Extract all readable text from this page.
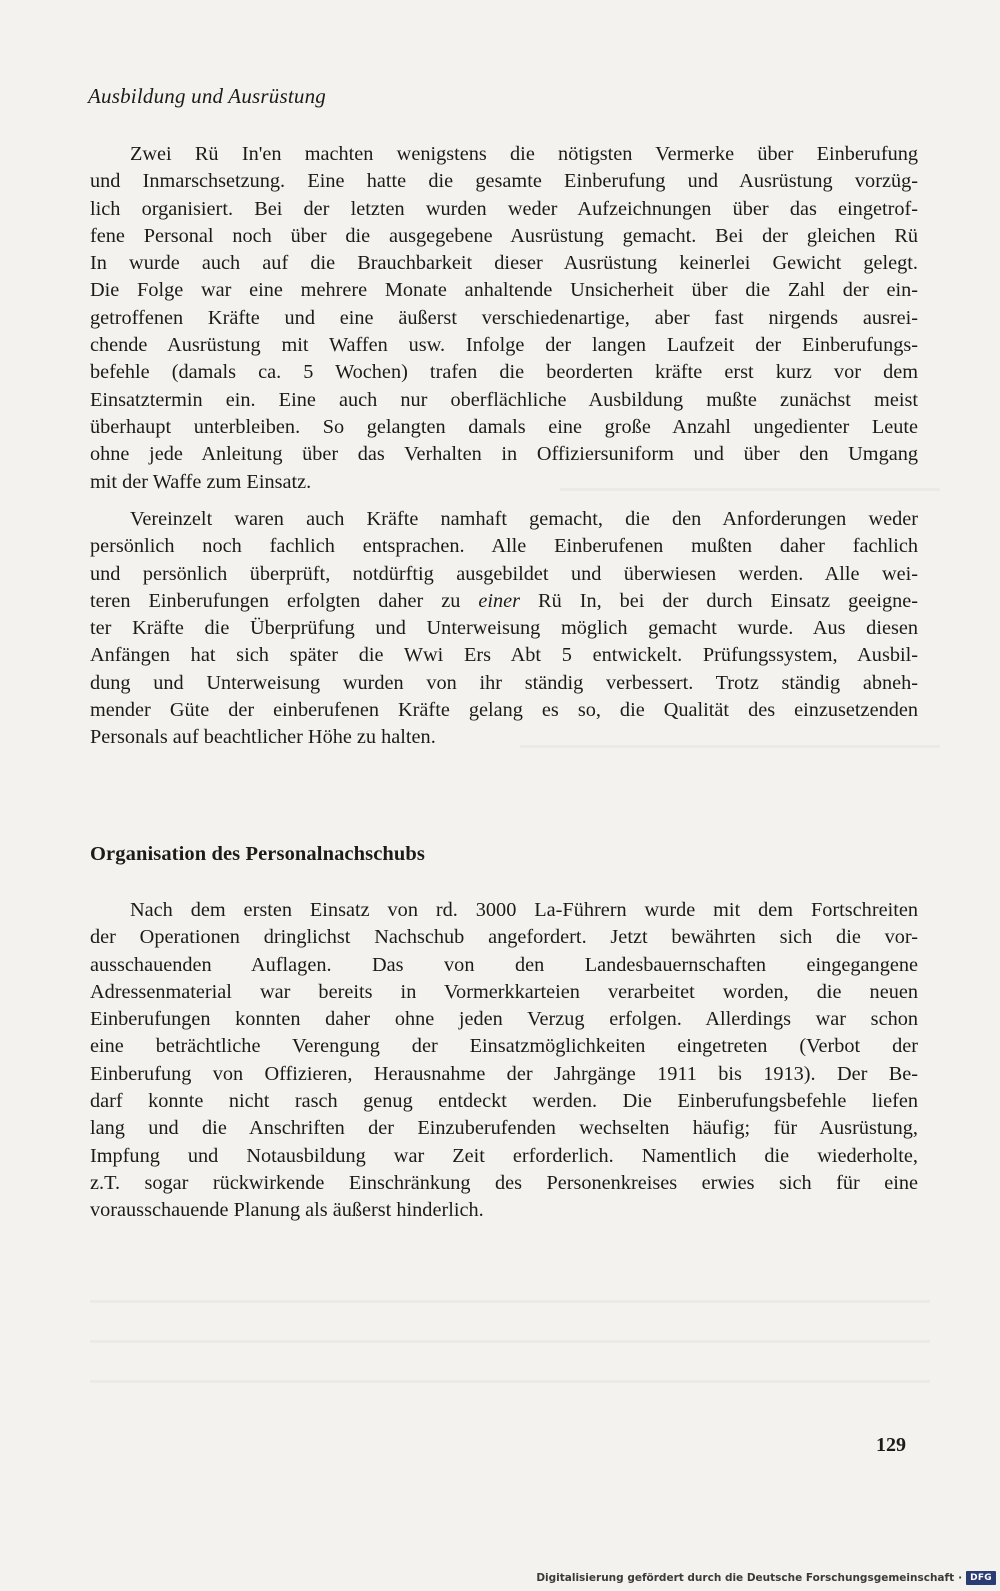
Ausbildung und Ausrüstung
Zwei Rü In'en machten wenigstens die nötigsten Vermerke über Einberufung
und Inmarschsetzung. Eine hatte die gesamte Einberufung und Ausrüstung vorzüg-
lich organisiert. Bei der letzten wurden weder Aufzeichnungen über das eingetrof-
fene Personal noch über die ausgegebene Ausrüstung gemacht. Bei der gleichen Rü
In wurde auch auf die Brauchbarkeit dieser Ausrüstung keinerlei Gewicht gelegt.
Die Folge war eine mehrere Monate anhaltende Unsicherheit über die Zahl der ein-
getroffenen Kräfte und eine äußerst verschiedenartige, aber fast nirgends ausrei-
chende Ausrüstung mit Waffen usw. Infolge der langen Laufzeit der Einberufungs-
befehle (damals ca. 5 Wochen) trafen die beorderten kräfte erst kurz vor dem
Einsatztermin ein. Eine auch nur oberflächliche Ausbildung mußte zunächst meist
überhaupt unterbleiben. So gelangten damals eine große Anzahl ungedienter Leute
ohne jede Anleitung über das Verhalten in Offiziersuniform und über den Umgang
mit der Waffe zum Einsatz.
Vereinzelt waren auch Kräfte namhaft gemacht, die den Anforderungen weder
persönlich noch fachlich entsprachen. Alle Einberufenen mußten daher fachlich
und persönlich überprüft, notdürftig ausgebildet und überwiesen werden. Alle wei-
teren Einberufungen erfolgten daher zu einer Rü In, bei der durch Einsatz geeigne-
ter Kräfte die Überprüfung und Unterweisung möglich gemacht wurde. Aus diesen
Anfängen hat sich später die Wwi Ers Abt 5 entwickelt. Prüfungssystem, Ausbil-
dung und Unterweisung wurden von ihr ständig verbessert. Trotz ständig abneh-
mender Güte der einberufenen Kräfte gelang es so, die Qualität des einzusetzenden
Personals auf beachtlicher Höhe zu halten.
Organisation des Personalnachschubs
Nach dem ersten Einsatz von rd. 3000 La-Führern wurde mit dem Fortschreiten
der Operationen dringlichst Nachschub angefordert. Jetzt bewährten sich die vor-
ausschauenden Auflagen. Das von den Landesbauernschaften eingegangene
Adressenmaterial war bereits in Vormerkkarteien verarbeitet worden, die neuen
Einberufungen konnten daher ohne jeden Verzug erfolgen. Allerdings war schon
eine beträchtliche Verengung der Einsatzmöglichkeiten eingetreten (Verbot der
Einberufung von Offizieren, Herausnahme der Jahrgänge 1911 bis 1913). Der Be-
darf konnte nicht rasch genug entdeckt werden. Die Einberufungsbefehle liefen
lang und die Anschriften der Einzuberufenden wechselten häufig; für Ausrüstung,
Impfung und Notausbildung war Zeit erforderlich. Namentlich die wiederholte,
z.T. sogar rückwirkende Einschränkung des Personenkreises erwies sich für eine
vorausschauende Planung als äußerst hinderlich.
129
Digitalisierung gefördert durch die Deutsche Forschungsgemeinschaft · DFG
